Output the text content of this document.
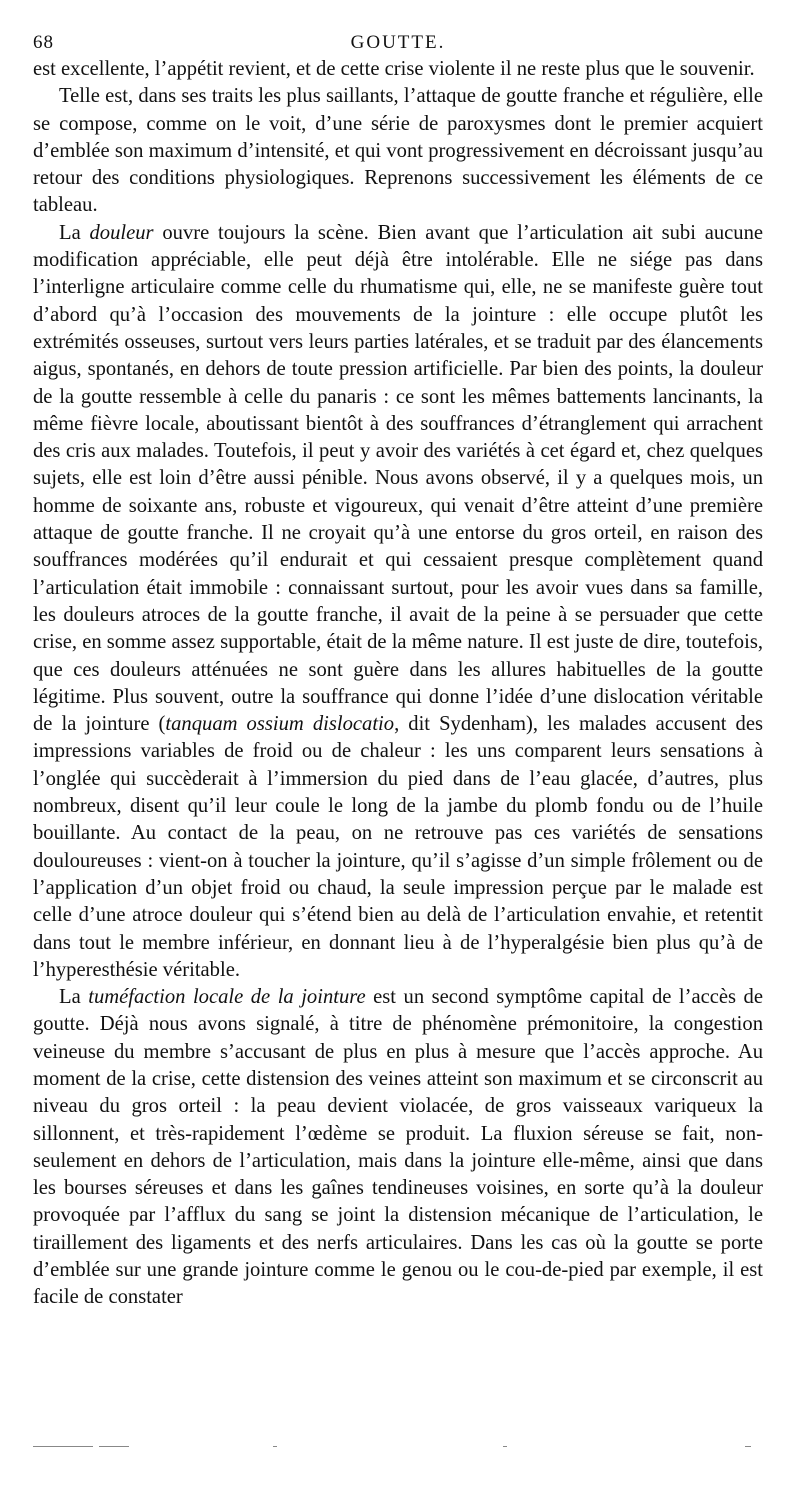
68	GOUTTE.

est excellente, l’appétit revient, et de cette crise violente il ne reste plus que le souvenir.

Telle est, dans ses traits les plus saillants, l’attaque de goutte franche et régulière, elle se compose, comme on le voit, d’une série de paroxysmes dont le premier acquiert d’emblée son maximum d’intensité, et qui vont progressivement en décroissant jusqu’au retour des conditions physiologiques. Reprenons successivement les éléments de ce tableau.

La douleur ouvre toujours la scène. Bien avant que l’articulation ait subi aucune modification appréciable, elle peut déjà être intolérable. Elle ne siége pas dans l’interligne articulaire comme celle du rhumatisme qui, elle, ne se manifeste guère tout d’abord qu’à l’occasion des mouvements de la jointure : elle occupe plutôt les extrémités osseuses, surtout vers leurs parties latérales, et se traduit par des élancements aigus, spontanés, en dehors de toute pression artificielle. Par bien des points, la douleur de la goutte ressemble à celle du panaris : ce sont les mêmes battements lancinants, la même fièvre locale, aboutissant bientôt à des souffrances d’étranglement qui arrachent des cris aux malades. Toutefois, il peut y avoir des variétés à cet égard et, chez quelques sujets, elle est loin d’être aussi pénible. Nous avons observé, il y a quelques mois, un homme de soixante ans, robuste et vigoureux, qui venait d’être atteint d’une première attaque de goutte franche. Il ne croyait qu’à une entorse du gros orteil, en raison des souffrances modérées qu’il endurait et qui cessaient presque complètement quand l’articulation était immobile : connaissant surtout, pour les avoir vues dans sa famille, les douleurs atroces de la goutte franche, il avait de la peine à se persuader que cette crise, en somme assez supportable, était de la même nature. Il est juste de dire, toutefois, que ces douleurs atténuées ne sont guère dans les allures habituelles de la goutte légitime. Plus souvent, outre la souffrance qui donne l’idée d’une dislocation véritable de la jointure (tanquam ossium dislocatio, dit Sydenham), les malades accusent des impressions variables de froid ou de chaleur : les uns comparent leurs sensations à l’onglée qui succèderait à l’immersion du pied dans de l’eau glacée, d’autres, plus nombreux, disent qu’il leur coule le long de la jambe du plomb fondu ou de l’huile bouillante. Au contact de la peau, on ne retrouve pas ces variétés de sensations douloureuses : vient-on à toucher la jointure, qu’il s’agisse d’un simple frôlement ou de l’application d’un objet froid ou chaud, la seule impression perçue par le malade est celle d’une atroce douleur qui s’étend bien au delà de l’articulation envahie, et retentit dans tout le membre inférieur, en donnant lieu à de l’hyperalgésie bien plus qu’à de l’hyperesthésie véritable.

La tuméfaction locale de la jointure est un second symptôme capital de l’accès de goutte. Déjà nous avons signalé, à titre de phénomène prémonitoire, la congestion veineuse du membre s’accusant de plus en plus à mesure que l’accès approche. Au moment de la crise, cette distension des veines atteint son maximum et se circonscrit au niveau du gros orteil : la peau devient violacée, de gros vaisseaux variqueux la sillonnent, et très-rapidement l’œdème se produit. La fluxion séreuse se fait, non-seulement en dehors de l’articulation, mais dans la jointure elle-même, ainsi que dans les bourses séreuses et dans les gaînes tendineuses voisines, en sorte qu’à la douleur provoquée par l’afflux du sang se joint la distension mécanique de l’articulation, le tiraillement des ligaments et des nerfs articulaires. Dans les cas où la goutte se porte d’emblée sur une grande jointure comme le genou ou le cou-de-pied par exemple, il est facile de constater
